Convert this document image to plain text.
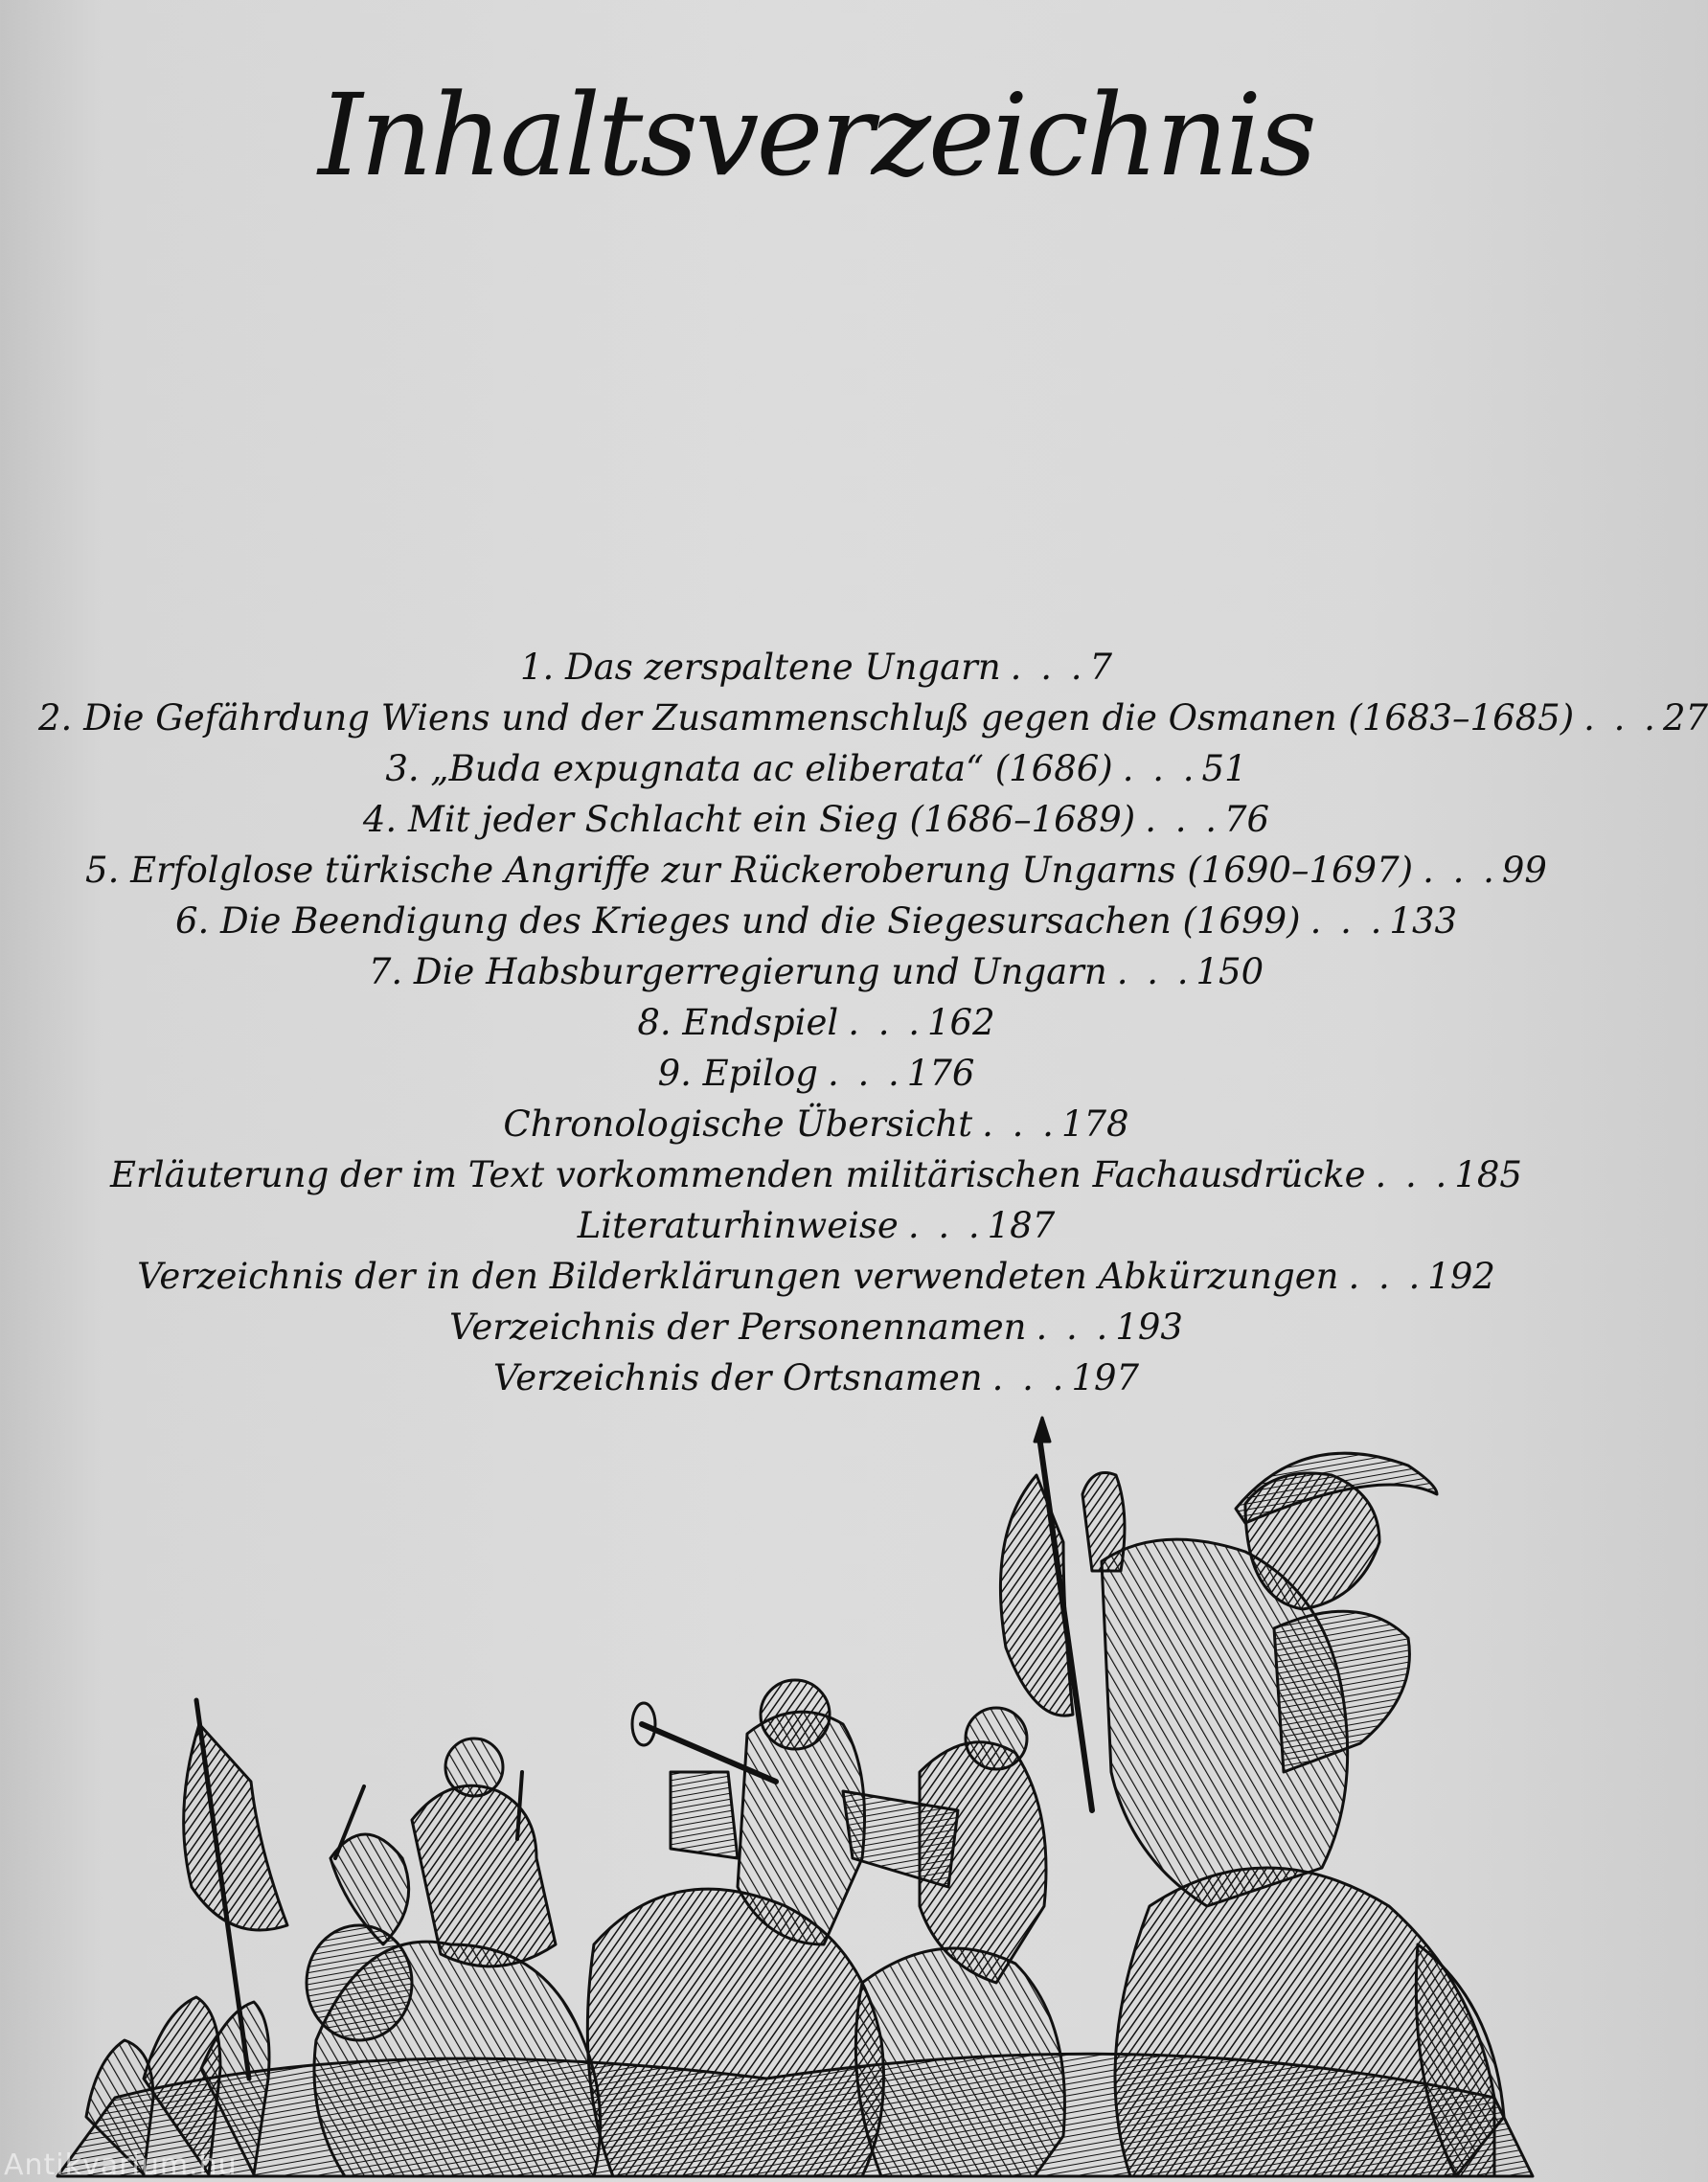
Inhaltsverzeichnis
1. Das zerspaltene Ungarn . . . 7
2. Die Gefährdung Wiens und der Zusammenschluß gegen die Osmanen (1683–1685) . . . 27
3. „Buda expugnata ac eliberata“ (1686) . . . 51
4. Mit jeder Schlacht ein Sieg (1686–1689) . . . 76
5. Erfolglose türkische Angriffe zur Rückeroberung Ungarns (1690–1697) . . . 99
6. Die Beendigung des Krieges und die Siegesursachen (1699) . . . 133
7. Die Habsburgerregierung und Ungarn . . . 150
8. Endspiel . . . 162
9. Epilog . . . 176
Chronologische Übersicht . . . 178
Erläuterung der im Text vorkommenden militärischen Fachausdrücke . . . 185
Literaturhinweise . . . 187
Verzeichnis der in den Bilderklärungen verwendeten Abkürzungen . . . 192
Verzeichnis der Personennamen . . . 193
Verzeichnis der Ortsnamen . . . 197
Antikvarium.hu
